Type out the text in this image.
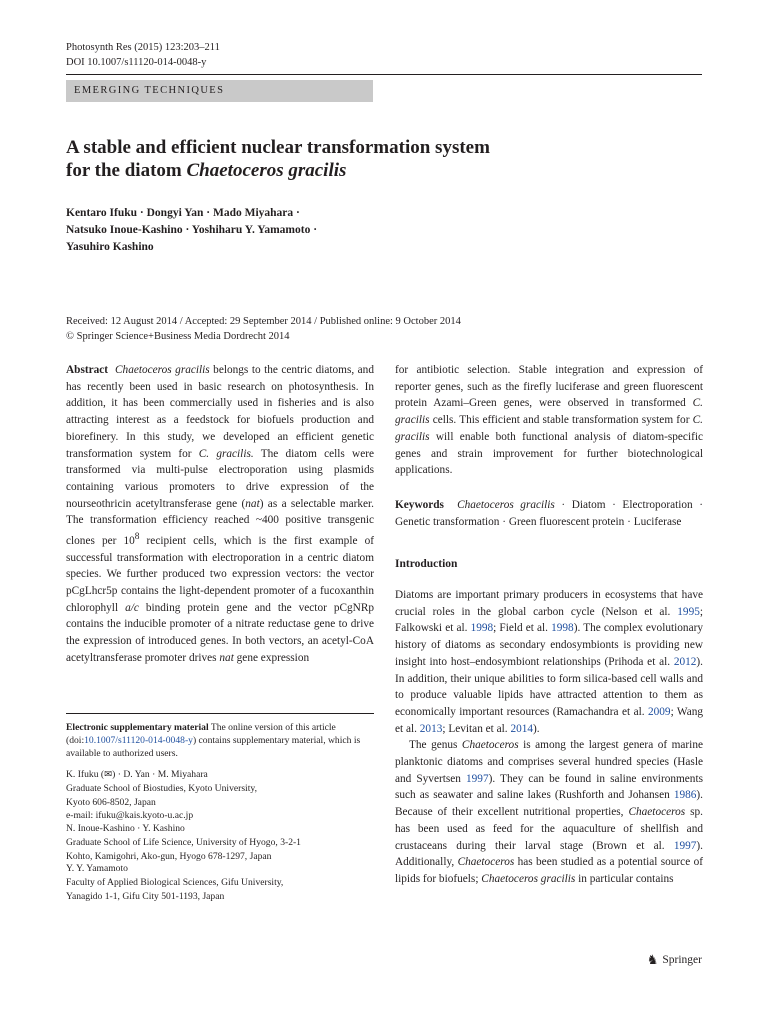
Photosynth Res (2015) 123:203–211
DOI 10.1007/s11120-014-0048-y
EMERGING TECHNIQUES
A stable and efficient nuclear transformation system
for the diatom Chaetoceros gracilis
Kentaro Ifuku · Dongyi Yan · Mado Miyahara ·
Natsuko Inoue-Kashino · Yoshiharu Y. Yamamoto ·
Yasuhiro Kashino
Received: 12 August 2014 / Accepted: 29 September 2014 / Published online: 9 October 2014
© Springer Science+Business Media Dordrecht 2014

Abstract Chaetoceros gracilis belongs to the centric diatoms, and has recently been used in basic research on photosynthesis. In addition, it has been commercially used in fisheries and is also attracting interest as a feedstock for biofuels production and biorefinery. In this study, we developed an efficient genetic transformation system for C. gracilis. The diatom cells were transformed via multi-pulse electroporation using plasmids containing various promoters to drive expression of the nourseothricin acetyltransferase gene (nat) as a selectable marker. The transformation efficiency reached ~400 positive transgenic clones per $10^8$ recipient cells, which is the first example of successful transformation with electroporation in a centric diatom species. We further produced two expression vectors: the vector pCgLhcr5p contains the light-dependent promoter of a fucoxanthin chlorophyll a/c binding protein gene and the vector pCgNRp contains the inducible promoter of a nitrate reductase gene to drive the expression of introduced genes. In both vectors, an acetyl-CoA acetyltransferase promoter drives nat gene expression

Electronic supplementary material The online version of this article (doi:10.1007/s11120-014-0048-y) contains supplementary material, which is available to authorized users.
K. Ifuku (✉) · D. Yan · M. Miyahara
Graduate School of Biostudies, Kyoto University,
Kyoto 606-8502, Japan
e-mail: ifuku@kais.kyoto-u.ac.jp
N. Inoue-Kashino · Y. Kashino
Graduate School of Life Science, University of Hyogo, 3-2-1
Kohto, Kamigohri, Ako-gun, Hyogo 678-1297, Japan
Y. Y. Yamamoto
Faculty of Applied Biological Sciences, Gifu University,
Yanagido 1-1, Gifu City 501-1193, Japan

for antibiotic selection. Stable integration and expression of reporter genes, such as the firefly luciferase and green fluorescent protein Azami–Green genes, were observed in transformed C. gracilis cells. This efficient and stable transformation system for C. gracilis will enable both functional analysis of diatom-specific genes and strain improvement for further biotechnological applications.

Keywords Chaetoceros gracilis · Diatom · Electroporation · Genetic transformation · Green fluorescent protein · Luciferase

Introduction

Diatoms are important primary producers in ecosystems that have crucial roles in the global carbon cycle (Nelson et al. 1995; Falkowski et al. 1998; Field et al. 1998). The complex evolutionary history of diatoms as secondary endosymbionts is providing new insight into host–endosymbiont relationships (Prihoda et al. 2012). In addition, their unique abilities to form silica-based cell walls and to produce valuable lipids have attracted attention to them as economically important resources (Ramachandra et al. 2009; Wang et al. 2013; Levitan et al. 2014).

The genus Chaetoceros is among the largest genera of marine planktonic diatoms and comprises several hundred species (Hasle and Syvertsen 1997). They can be found in saline environments such as seawater and saline lakes (Rushforth and Johansen 1986). Because of their excellent nutritional properties, Chaetoceros sp. has been used as feed for the aquaculture of shellfish and crustaceans during their larval stage (Brown et al. 1997). Additionally, Chaetoceros has been studied as a potential source of lipids for biofuels; Chaetoceros gracilis in particular contains

♞ Springer
